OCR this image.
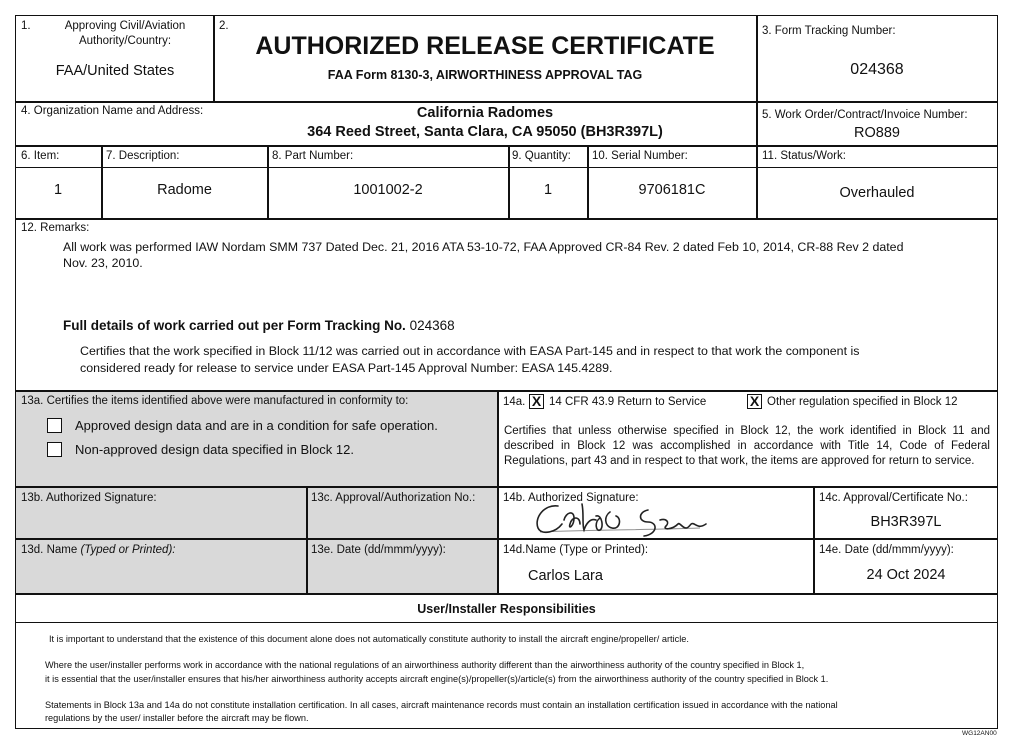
1.	Approving Civil/Aviation
Authority/Country:
FAA/United States
2.
AUTHORIZED RELEASE CERTIFICATE
FAA Form 8130-3, AIRWORTHINESS APPROVAL TAG
3. Form Tracking Number:
024368
4. Organization Name and Address:	California Radomes
364 Reed Street, Santa Clara, CA 95050 (BH3R397L)
5. Work Order/Contract/Invoice Number:
RO889
6. Item:	7. Description:	8. Part Number:	9. Quantity: 10. Serial Number:	11. Status/Work:
1	Radome	1001002-2	1	9706181C	Overhauled
12. Remarks:
All work was performed IAW Nordam SMM 737 Dated Dec. 21, 2016 ATA 53-10-72, FAA Approved CR-84 Rev. 2 dated Feb 10, 2014, CR-88 Rev 2 dated
Nov. 23, 2010.
Full details of work carried out per Form Tracking No. 024368
Certifies that the work specified in Block 11/12 was carried out in accordance with EASA Part-145 and in respect to that work the component is
considered ready for release to service under EASA Part-145 Approval Number: EASA 145.4289.
13a. Certifies the items identified above were manufactured in conformity to:
Approved design data and are in a condition for safe operation.
Non-approved design data specified in Block 12.
13b. Authorized Signature:	13c. Approval/Authorization No.:
13d. Name (Typed or Printed):	13e. Date (dd/mmm/yyyy):
14a. X 14 CFR 43.9 Return to Service	X Other regulation specified in Block 12
Certifies that unless otherwise specified in Block 12, the work identified in Block 11 and described in Block 12 was accomplished in accordance with Title 14, Code of Federal Regulations, part 43 and in respect to that work, the items are approved for return to service.
14b. Authorized Signature:	14c. Approval/Certificate No.:
BH3R397L
14d.Name (Type or Printed):
Carlos Lara
14e. Date (dd/mmm/yyyy):
24 Oct 2024
User/Installer Responsibilities
It is important to understand that the existence of this document alone does not automatically constitute authority to install the aircraft engine/propeller/ article.
Where the user/installer performs work in accordance with the national regulations of an airworthiness authority different than the airworthiness authority of the country specified in Block 1,
it is essential that the user/installer ensures that his/her airworthiness authority accepts aircraft engine(s)/propeller(s)/article(s) from the airworthiness authority of the country specified in Block 1.
Statements in Block 13a and 14a do not constitute installation certification. In all cases, aircraft maintenance records must contain an installation certification issued in accordance with the national
regulations by the user/ installer before the aircraft may be flown.
WG12AN00
